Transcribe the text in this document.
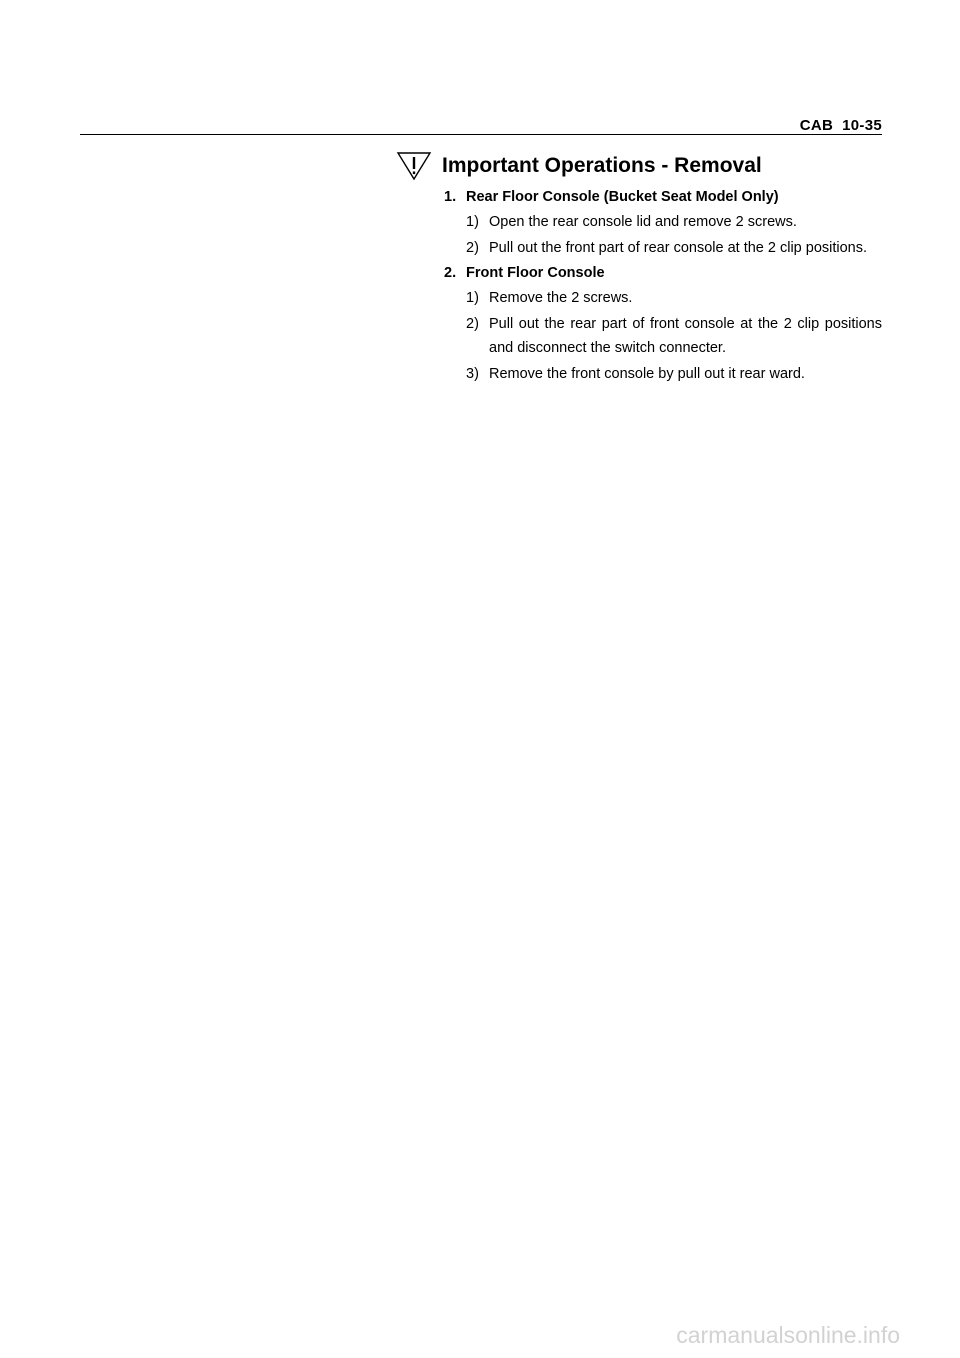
CAB 10-35
Important Operations - Removal
1. Rear Floor Console (Bucket Seat Model Only)
1) Open the rear console lid and remove 2 screws.
2) Pull out the front part of rear console at the 2 clip positions.
2. Front Floor Console
1) Remove the 2 screws.
2) Pull out the rear part of front console at the 2 clip positions and disconnect the switch connecter.
3) Remove the front console by pull out it rear ward.
carmanualsonline.info
